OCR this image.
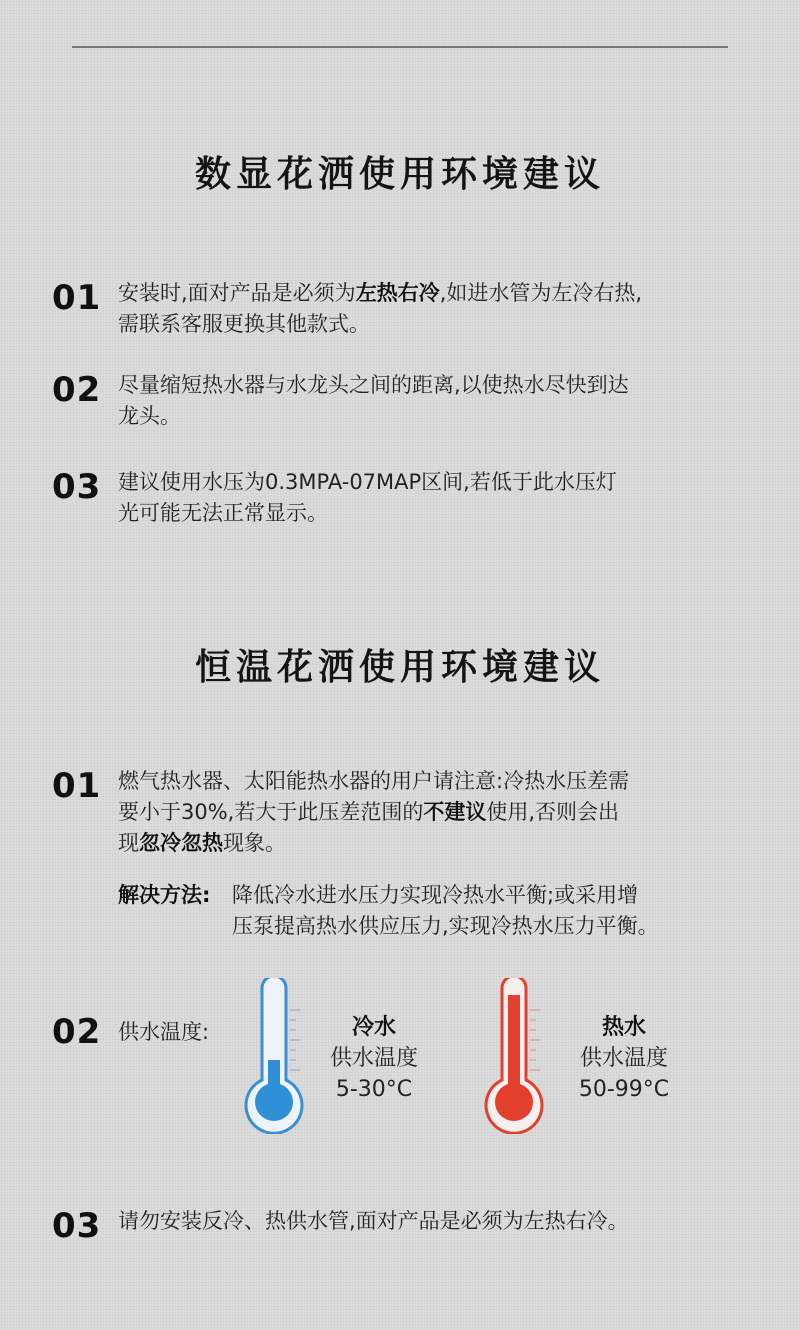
数显花洒使用环境建议
01 安装时,面对产品是必须为左热右冷,如进水管为左冷右热,
需联系客服更换其他款式。
02 尽量缩短热水器与水龙头之间的距离,以使热水尽快到达
龙头。
03 建议使用水压为0.3MPA-07MAP区间,若低于此水压灯
光可能无法正常显示。
恒温花洒使用环境建议
01 燃气热水器、太阳能热水器的用户请注意:冷热水压差需
要小于30%,若大于此压差范围的不建议使用,否则会出
现忽冷忽热现象。
解决方法: 降低冷水进水压力实现冷热水平衡;或采用增
压泵提高热水供应压力,实现冷热水压力平衡。
02 供水温度:	冷水
供水温度
5-30°C
热水
供水温度
50-99°C
03 请勿安装反冷、热供水管,面对产品是必须为左热右冷。
